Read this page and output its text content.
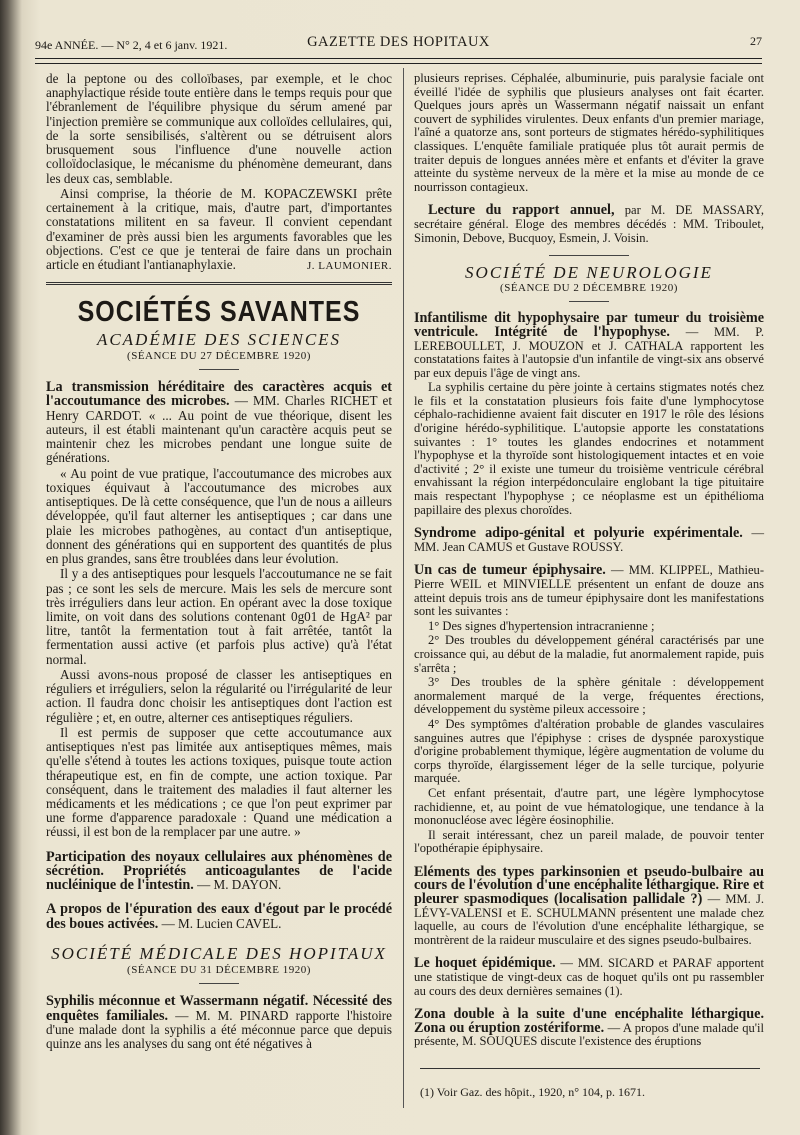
94e ANNÉE. — N° 2, 4 et 6 janv. 1921.	GAZETTE DES HOPITAUX	27

de la peptone ou des colloïbases, par exemple, et le choc anaphylactique réside toute entière dans le temps requis pour que l'ébranlement de l'équilibre physique du sérum amené par l'injection première se communique aux colloïdes cellulaires, qui, de la sorte sensibilisés, s'altèrent ou se détruisent alors brusquement sous l'influence d'une nouvelle action colloïdoclasique, le mécanisme du phénomène demeurant, dans les deux cas, semblable.

Ainsi comprise, la théorie de M. KOPACZEWSKI prête certainement à la critique, mais, d'autre part, d'importantes constatations militent en sa faveur. Il convient cependant d'examiner de près aussi bien les arguments favorables que les objections. C'est ce que je tenterai de faire dans un prochain article en étudiant l'antianaphylaxie.	J. LAUMONIER.
SOCIÉTÉS SAVANTES
ACADÉMIE DES SCIENCES
(SÉANCE DU 27 DÉCEMBRE 1920)

La transmission héréditaire des caractères acquis et l'accoutumance des microbes. — MM. Charles RICHET et Henry CARDOT. « ... Au point de vue théorique, disent les auteurs, il est établi maintenant qu'un caractère acquis peut se maintenir chez les microbes pendant une longue suite de générations.

« Au point de vue pratique, l'accoutumance des microbes aux toxiques équivaut à l'accoutumance des microbes aux antiseptiques. De là cette conséquence, que l'un de nous a ailleurs développée, qu'il faut alterner les antiseptiques ; car dans une plaie les microbes pathogènes, au contact d'un antiseptique, donnent des générations qui en supportent des quantités de plus en plus grandes, sans être troublées dans leur évolution.

Il y a des antiseptiques pour lesquels l'accoutumance ne se fait pas ; ce sont les sels de mercure. Mais les sels de mercure sont très irréguliers dans leur action. En opérant avec la dose toxique limite, on voit dans des solutions contenant 0g01 de HgA² par litre, tantôt la fermentation tout à fait arrêtée, tantôt la fermentation aussi active (et parfois plus active) qu'à l'état normal.

Aussi avons-nous proposé de classer les antiseptiques en réguliers et irréguliers, selon la régularité ou l'irrégularité de leur action. Il faudra donc choisir les antiseptiques dont l'action est régulière ; et, en outre, alterner ces antiseptiques réguliers.

Il est permis de supposer que cette accoutumance aux antiseptiques n'est pas limitée aux antiseptiques mêmes, mais qu'elle s'étend à toutes les actions toxiques, puisque toute action thérapeutique est, en fin de compte, une action toxique. Par conséquent, dans le traitement des maladies il faut alterner les médicaments et les médications ; ce que l'on peut exprimer par une forme d'apparence paradoxale : Quand une médication a réussi, il est bon de la remplacer par une autre. »

Participation des noyaux cellulaires aux phénomènes de sécrétion. Propriétés anticoagulantes de l'acide nucléinique de l'intestin. — M. DAYON.

A propos de l'épuration des eaux d'égout par le procédé des boues activées. — M. Lucien CAVEL.

SOCIÉTÉ MÉDICALE DES HOPITAUX
(SÉANCE DU 31 DÉCEMBRE 1920)

Syphilis méconnue et Wassermann négatif. Nécessité des enquêtes familiales. — M. M. PINARD rapporte l'histoire d'une malade dont la syphilis a été méconnue parce que depuis quinze ans les analyses du sang ont été négatives à

plusieurs reprises. Céphalée, albuminurie, puis paralysie faciale ont éveillé l'idée de syphilis que plusieurs analyses ont fait écarter. Quelques jours après un Wassermann négatif naissait un enfant couvert de syphilides virulentes. Deux enfants d'un premier mariage, l'aîné a quatorze ans, sont porteurs de stigmates hérédo-syphilitiques classiques. L'enquête familiale pratiquée plus tôt aurait permis de traiter depuis de longues années mère et enfants et d'éviter la grave atteinte du système nerveux de la mère et la mise au monde de ce nourrisson contagieux.

Lecture du rapport annuel, par M. DE MASSARY, secrétaire général. Eloge des membres décédés : MM. Triboulet, Simonin, Debove, Bucquoy, Esmein, J. Voisin.

SOCIÉTÉ DE NEUROLOGIE
(SÉANCE DU 2 DÉCEMBRE 1920)

Infantilisme dit hypophysaire par tumeur du troisième ventricule. Intégrité de l'hypophyse. — MM. P. LEREBOULLET, J. MOUZON et J. CATHALA rapportent les constatations faites à l'autopsie d'un infantile de vingt-six ans observé par eux depuis l'âge de vingt ans.

La syphilis certaine du père jointe à certains stigmates notés chez le fils et la constatation plusieurs fois faite d'une lymphocytose céphalo-rachidienne avaient fait discuter en 1917 le rôle des lésions d'origine hérédo-syphilitique. L'autopsie apporte les constatations suivantes : 1° toutes les glandes endocrines et notamment l'hypophyse et la thyroïde sont histologiquement intactes et en voie d'activité ; 2° il existe une tumeur du troisième ventricule cérébral envahissant la région interpédonculaire englobant la tige pituitaire mais respectant l'hypophyse ; ce néoplasme est un épithélioma papillaire des plexus choroïdes.

Syndrome adipo-génital et polyurie expérimentale. — MM. Jean CAMUS et Gustave ROUSSY.

Un cas de tumeur épiphysaire. — MM. KLIPPEL, Mathieu-Pierre WEIL et MINVIELLE présentent un enfant de douze ans atteint depuis trois ans de tumeur épiphysaire dont les manifestations sont les suivantes :

1° Des signes d'hypertension intracranienne ;

2° Des troubles du développement général caractérisés par une croissance qui, au début de la maladie, fut anormalement rapide, puis s'arrêta ;

3° Des troubles de la sphère génitale : développement anormalement marqué de la verge, fréquentes érections, développement du système pileux accessoire ;

4° Des symptômes d'altération probable de glandes vasculaires sanguines autres que l'épiphyse : crises de dyspnée paroxystique d'origine probablement thymique, légère augmentation de volume du corps thyroïde, élargissement léger de la selle turcique, polyurie marquée.

Cet enfant présentait, d'autre part, une légère lymphocytose rachidienne, et, au point de vue hématologique, une tendance à la mononucléose avec légère éosinophilie.

Il serait intéressant, chez un pareil malade, de pouvoir tenter l'opothérapie épiphysaire.

Eléments des types parkinsonien et pseudo-bulbaire au cours de l'évolution d'une encéphalite léthargique. Rire et pleurer spasmodiques (localisation pallidale ?) — MM. J. LÉVY-VALENSI et E. SCHULMANN présentent une malade chez laquelle, au cours de l'évolution d'une encéphalite léthargique, se montrèrent de la raideur musculaire et des signes pseudo-bulbaires.

Le hoquet épidémique. — MM. SICARD et PARAF apportent une statistique de vingt-deux cas de hoquet qu'ils ont pu rassembler au cours des deux dernières semaines (1).

Zona double à la suite d'une encéphalite léthargique. Zona ou éruption zostériforme. — A propos d'une malade qu'il présente, M. SOUQUES discute l'existence des éruptions

(1) Voir Gaz. des hôpit., 1920, n° 104, p. 1671.
